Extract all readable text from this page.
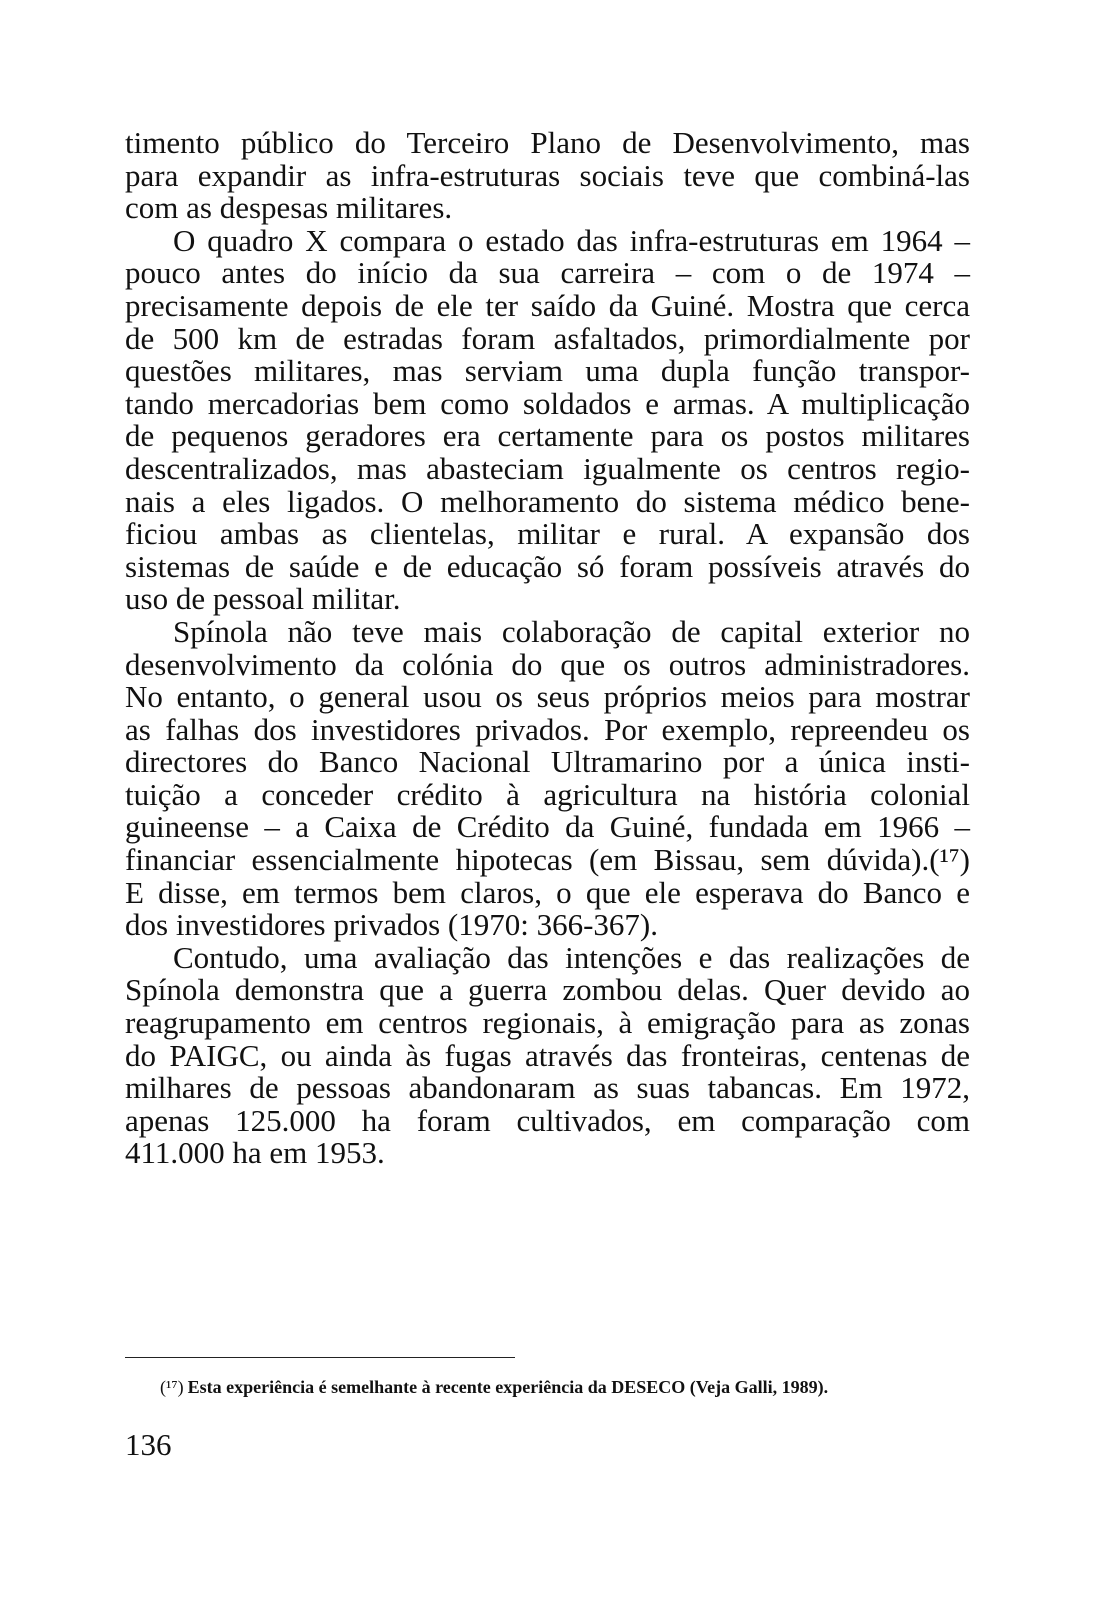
timento público do Terceiro Plano de Desenvolvimento, mas
para expandir as infra-estruturas sociais teve que combiná-las
com as despesas militares.
O quadro X compara o estado das infra-estruturas em 1964 –
pouco antes do início da sua carreira – com o de 1974 –
precisamente depois de ele ter saído da Guiné. Mostra que cerca
de 500 km de estradas foram asfaltados, primordialmente por
questões militares, mas serviam uma dupla função transpor-
tando mercadorias bem como soldados e armas. A multiplicação
de pequenos geradores era certamente para os postos militares
descentralizados, mas abasteciam igualmente os centros regio-
nais a eles ligados. O melhoramento do sistema médico bene-
ficiou ambas as clientelas, militar e rural. A expansão dos
sistemas de saúde e de educação só foram possíveis através do
uso de pessoal militar.
Spínola não teve mais colaboração de capital exterior no
desenvolvimento da colónia do que os outros administradores.
No entanto, o general usou os seus próprios meios para mostrar
as falhas dos investidores privados. Por exemplo, repreendeu os
directores do Banco Nacional Ultramarino por a única insti-
tuição a conceder crédito à agricultura na história colonial
guineense – a Caixa de Crédito da Guiné, fundada em 1966 –
financiar essencialmente hipotecas (em Bissau, sem dúvida).(¹⁷)
E disse, em termos bem claros, o que ele esperava do Banco e
dos investidores privados (1970: 366-367).
Contudo, uma avaliação das intenções e das realizações de
Spínola demonstra que a guerra zombou delas. Quer devido ao
reagrupamento em centros regionais, à emigração para as zonas
do PAIGC, ou ainda às fugas através das fronteiras, centenas de
milhares de pessoas abandonaram as suas tabancas. Em 1972,
apenas 125.000 ha foram cultivados, em comparação com
411.000 ha em 1953.
(¹⁷) Esta experiência é semelhante à recente experiência da DESECO (Veja Galli, 1989).
136
